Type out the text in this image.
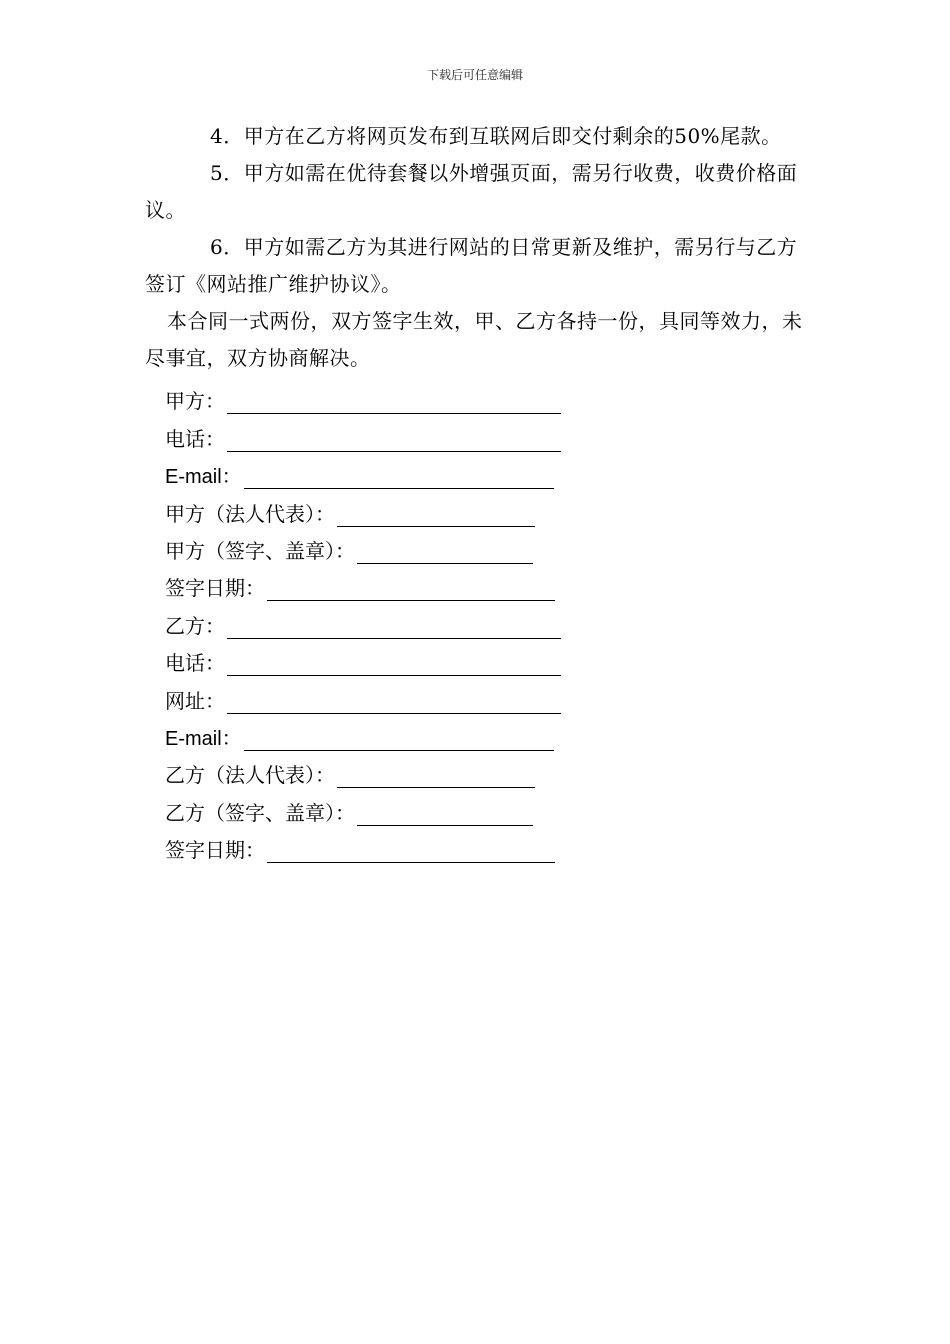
下载后可任意编辑

4．甲方在乙方将网页发布到互联网后即交付剩余的50%尾款。

5．甲方如需在优待套餐以外增强页面，需另行收费，收费价格面议。

6．甲方如需乙方为其进行网站的日常更新及维护，需另行与乙方签订《网站推广维护协议》。

本合同一式两份，双方签字生效，甲、乙方各持一份，具同等效力，未尽事宜，双方协商解决。

甲方：
电话：
E-mail：
甲方（法人代表）：
甲方（签字、盖章）：
签字日期：
乙方：
电话：
网址：
E-mail：
乙方（法人代表）：
乙方（签字、盖章）：
签字日期：
